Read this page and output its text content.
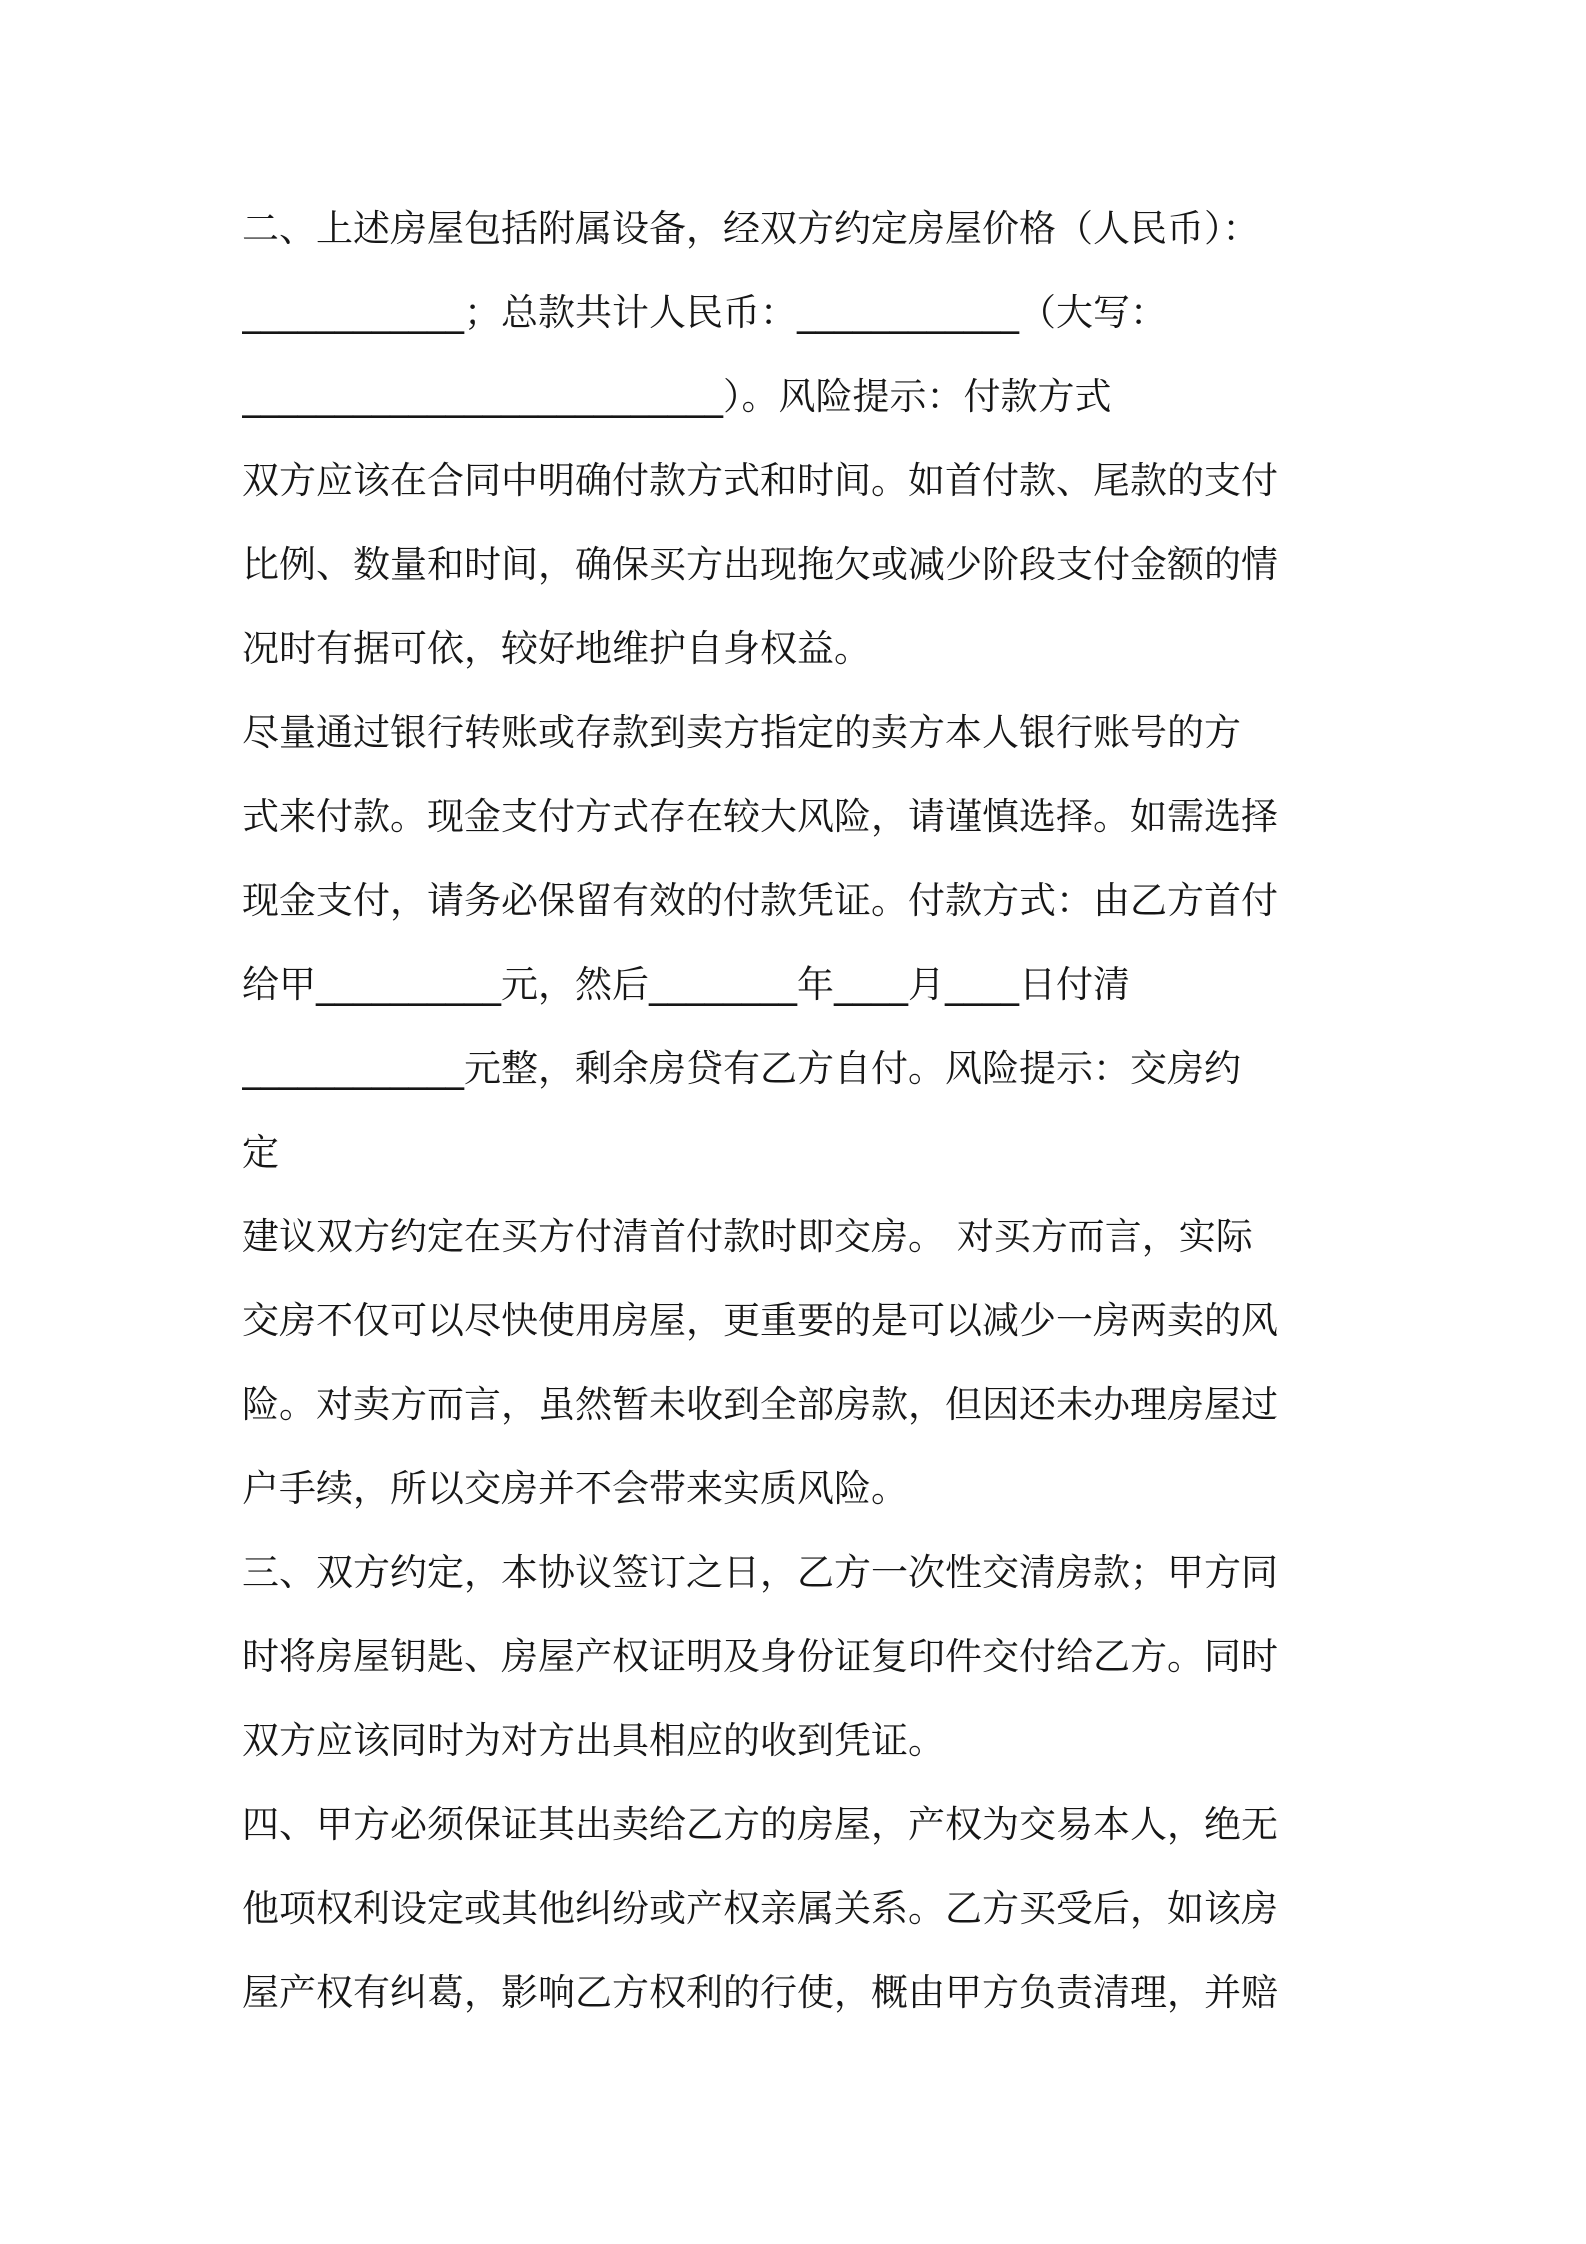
二、上述房屋包括附属设备，经双方约定房屋价格（人民币）：
____________；总款共计人民币：____________（大写：
__________________________）。风险提示：付款方式
双方应该在合同中明确付款方式和时间。如首付款、尾款的支付
比例、数量和时间，确保买方出现拖欠或减少阶段支付金额的情
况时有据可依，较好地维护自身权益。
尽量通过银行转账或存款到卖方指定的卖方本人银行账号的方
式来付款。现金支付方式存在较大风险，请谨慎选择。如需选择
现金支付，请务必保留有效的付款凭证。付款方式：由乙方首付
给甲__________元，然后________年____月____日付清
____________元整，剩余房贷有乙方自付。风险提示：交房约
定
建议双方约定在买方付清首付款时即交房。 对买方而言，实际
交房不仅可以尽快使用房屋，更重要的是可以减少一房两卖的风
险。对卖方而言，虽然暂未收到全部房款，但因还未办理房屋过
户手续，所以交房并不会带来实质风险。
三、双方约定，本协议签订之日，乙方一次性交清房款；甲方同
时将房屋钥匙、房屋产权证明及身份证复印件交付给乙方。同时
双方应该同时为对方出具相应的收到凭证。
四、甲方必须保证其出卖给乙方的房屋，产权为交易本人，绝无
他项权利设定或其他纠纷或产权亲属关系。乙方买受后，如该房
屋产权有纠葛，影响乙方权利的行使，概由甲方负责清理，并赔
